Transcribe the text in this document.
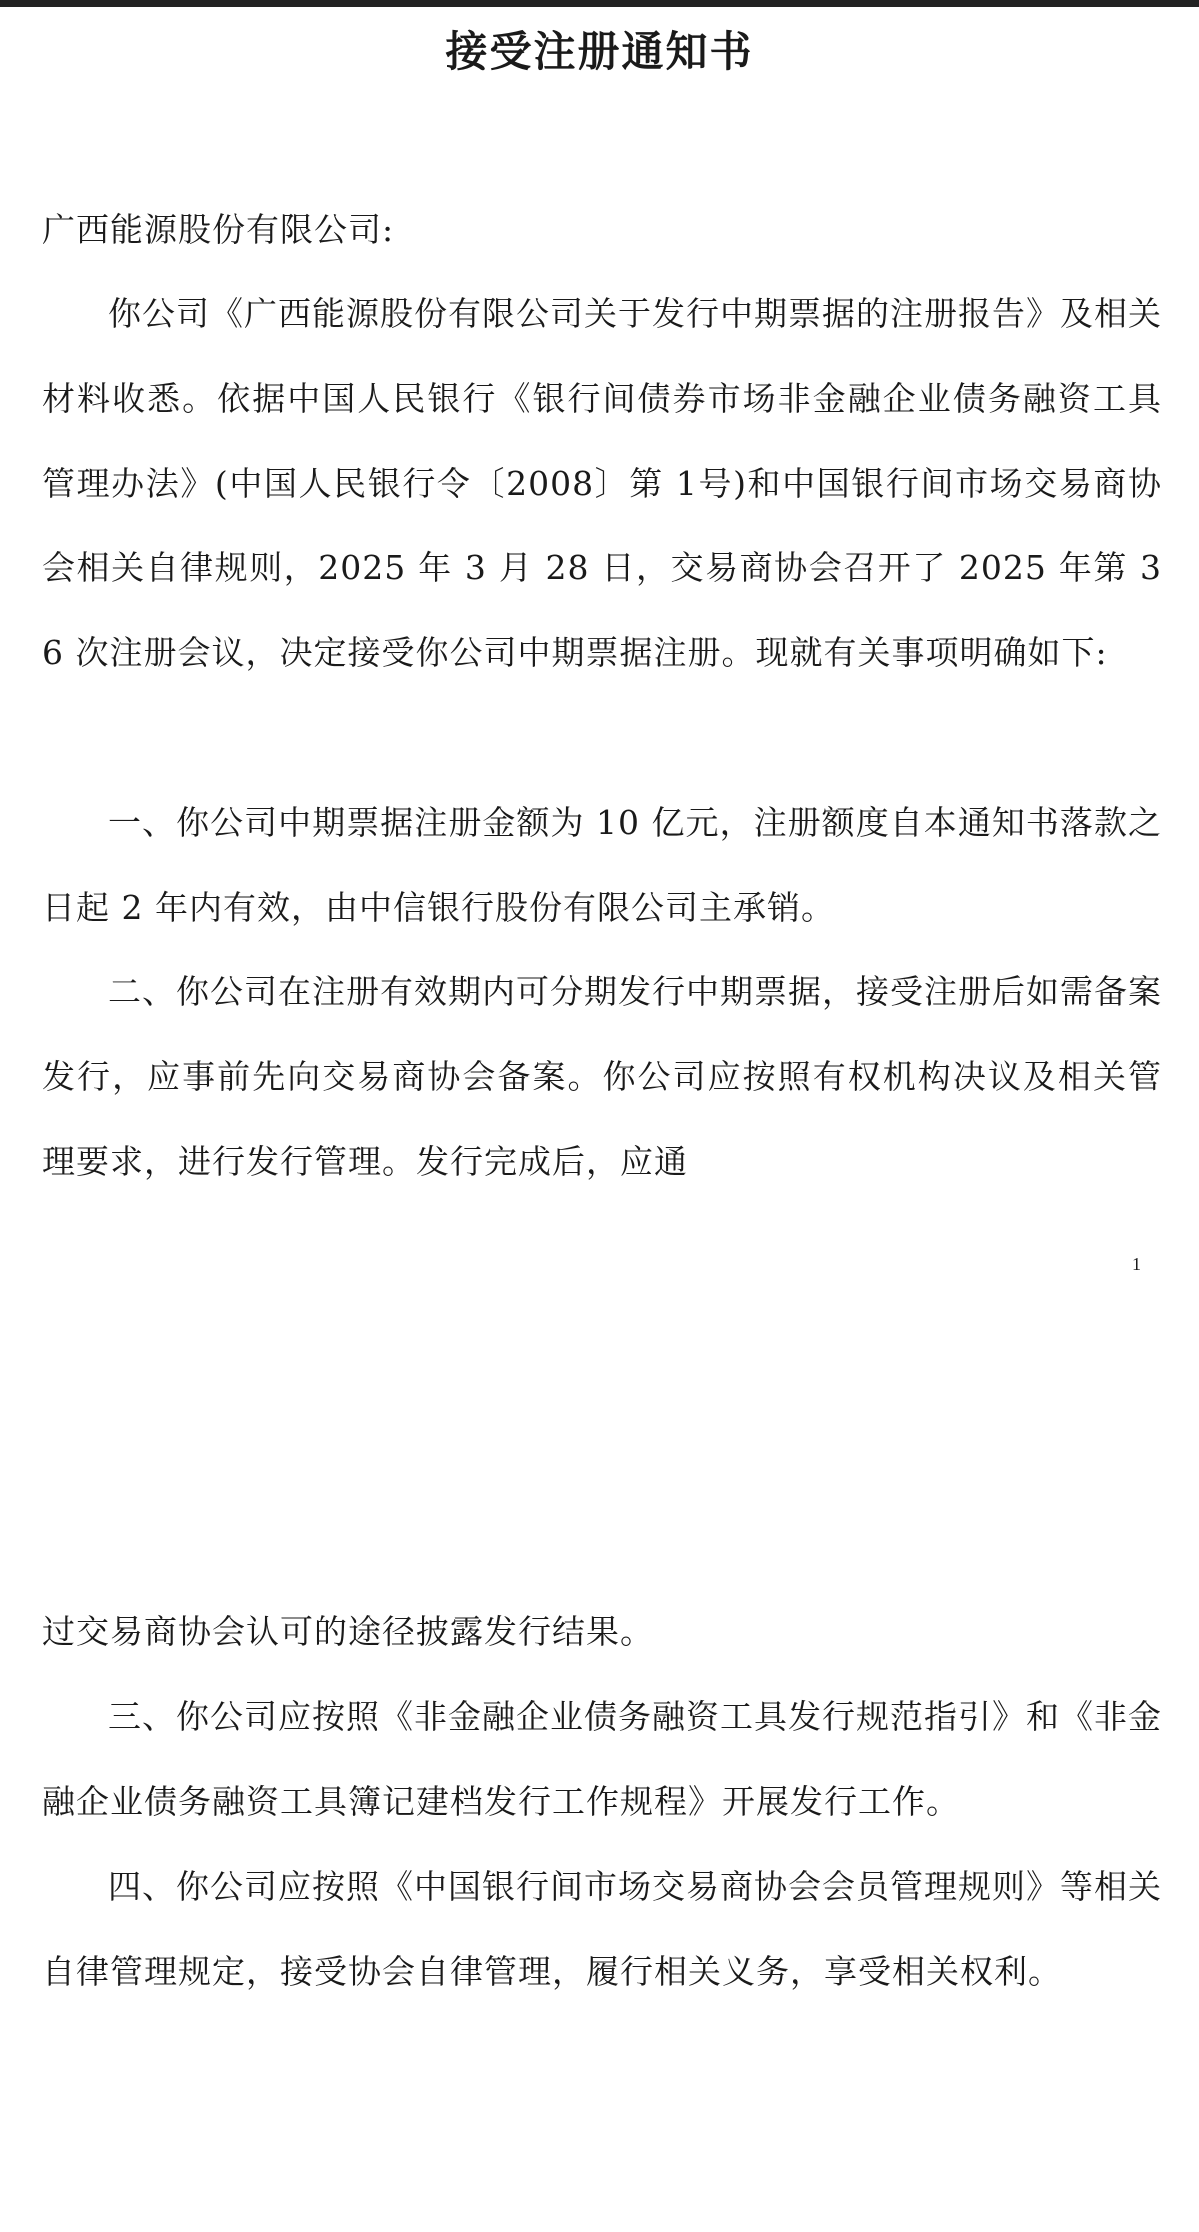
接受注册通知书

广西能源股份有限公司:

你公司《广西能源股份有限公司关于发行中期票据的注册报告》及相关材料收悉。依据中国人民银行《银行间债券市场非金融企业债务融资工具管理办法》(中国人民银行令〔2008〕第 1号)和中国银行间市场交易商协会相关自律规则，2025 年 3 月 28 日，交易商协会召开了 2025 年第 36 次注册会议，决定接受你公司中期票据注册。现就有关事项明确如下:

一、你公司中期票据注册金额为 10 亿元，注册额度自本通知书落款之日起 2 年内有效，由中信银行股份有限公司主承销。

二、你公司在注册有效期内可分期发行中期票据，接受注册后如需备案发行，应事前先向交易商协会备案。你公司应按照有权机构决议及相关管理要求，进行发行管理。发行完成后，应通

1

过交易商协会认可的途径披露发行结果。

三、你公司应按照《非金融企业债务融资工具发行规范指引》和《非金融企业债务融资工具簿记建档发行工作规程》开展发行工作。

四、你公司应按照《中国银行间市场交易商协会会员管理规则》等相关自律管理规定，接受协会自律管理，履行相关义务，享受相关权利。
